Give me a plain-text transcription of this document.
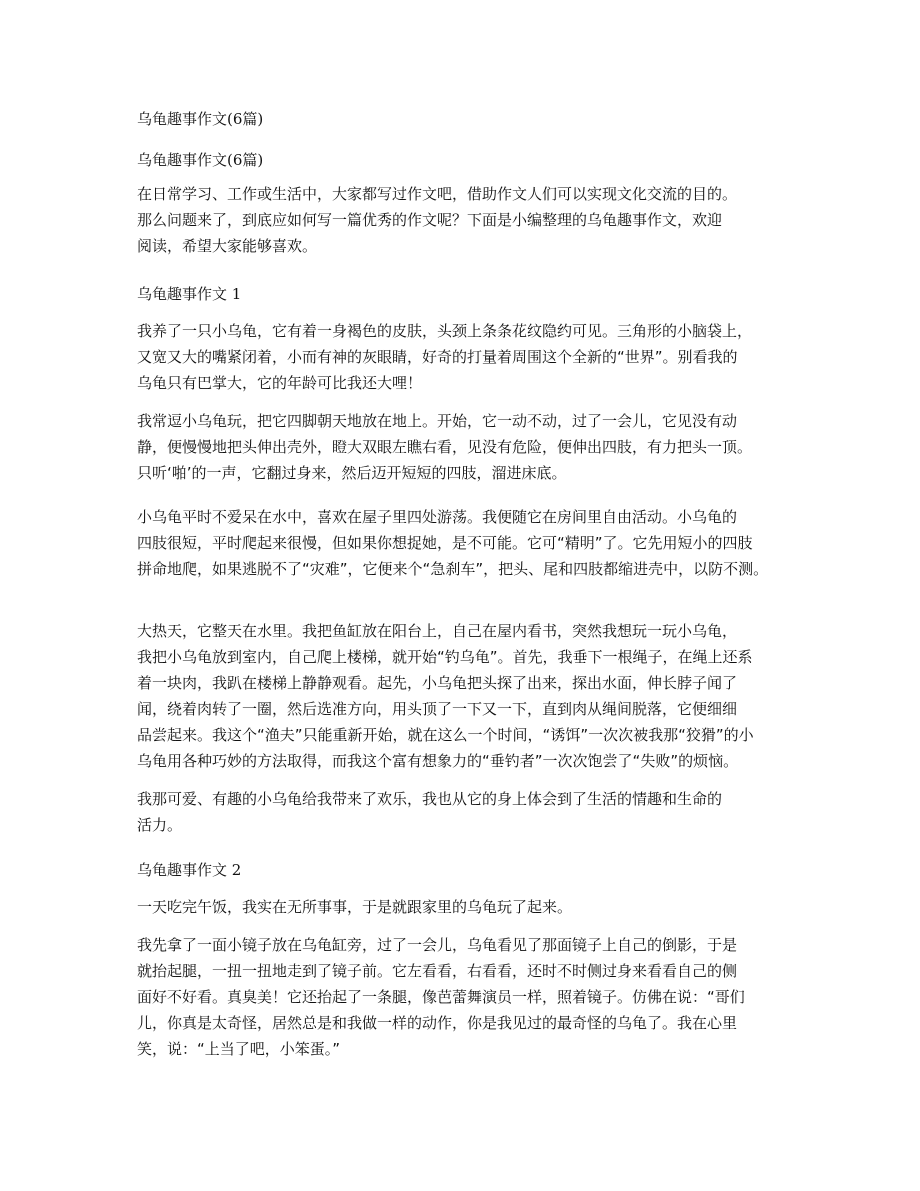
乌龟趣事作文(6篇)

乌龟趣事作文(6篇)

在日常学习、工作或生活中，大家都写过作文吧，借助作文人们可以实现文化交流的目的。
那么问题来了，到底应如何写一篇优秀的作文呢？下面是小编整理的乌龟趣事作文，欢迎
阅读，希望大家能够喜欢。

乌龟趣事作文 1

我养了一只小乌龟，它有着一身褐色的皮肤，头颈上条条花纹隐约可见。三角形的小脑袋上，
又宽又大的嘴紧闭着，小而有神的灰眼睛，好奇的打量着周围这个全新的“世界”。别看我的
乌龟只有巴掌大，它的年龄可比我还大哩！
我常逗小乌龟玩，把它四脚朝天地放在地上。开始，它一动不动，过了一会儿，它见没有动
静，便慢慢地把头伸出壳外，瞪大双眼左瞧右看，见没有危险，便伸出四肢，有力把头一顶。
只听‘啪’的一声，它翻过身来，然后迈开短短的四肢，溜进床底。
小乌龟平时不爱呆在水中，喜欢在屋子里四处游荡。我便随它在房间里自由活动。小乌龟的
四肢很短，平时爬起来很慢，但如果你想捉她，是不可能。它可“精明”了。它先用短小的四肢
拼命地爬，如果逃脱不了“灾难”，它便来个“急刹车”，把头、尾和四肢都缩进壳中，以防不测。
大热天，它整天在水里。我把鱼缸放在阳台上，自己在屋内看书，突然我想玩一玩小乌龟，
我把小乌龟放到室内，自己爬上楼梯，就开始“钓乌龟”。首先，我垂下一根绳子，在绳上还系
着一块肉，我趴在楼梯上静静观看。起先，小乌龟把头探了出来，探出水面，伸长脖子闻了
闻，绕着肉转了一圈，然后选准方向，用头顶了一下又一下，直到肉从绳间脱落，它便细细
品尝起来。我这个“渔夫”只能重新开始，就在这么一个时间，“诱饵”一次次被我那“狡猾”的小
乌龟用各种巧妙的方法取得，而我这个富有想象力的“垂钓者”一次次饱尝了“失败”的烦恼。
我那可爱、有趣的小乌龟给我带来了欢乐，我也从它的身上体会到了生活的情趣和生命的
活力。

乌龟趣事作文 2

一天吃完午饭，我实在无所事事，于是就跟家里的乌龟玩了起来。
我先拿了一面小镜子放在乌龟缸旁，过了一会儿，乌龟看见了那面镜子上自己的倒影，于是
就抬起腿，一扭一扭地走到了镜子前。它左看看，右看看，还时不时侧过身来看看自己的侧
面好不好看。真臭美！它还抬起了一条腿，像芭蕾舞演员一样，照着镜子。仿佛在说：“哥们
儿，你真是太奇怪，居然总是和我做一样的动作，你是我见过的最奇怪的乌龟了。我在心里
笑，说：“上当了吧，小笨蛋。”
